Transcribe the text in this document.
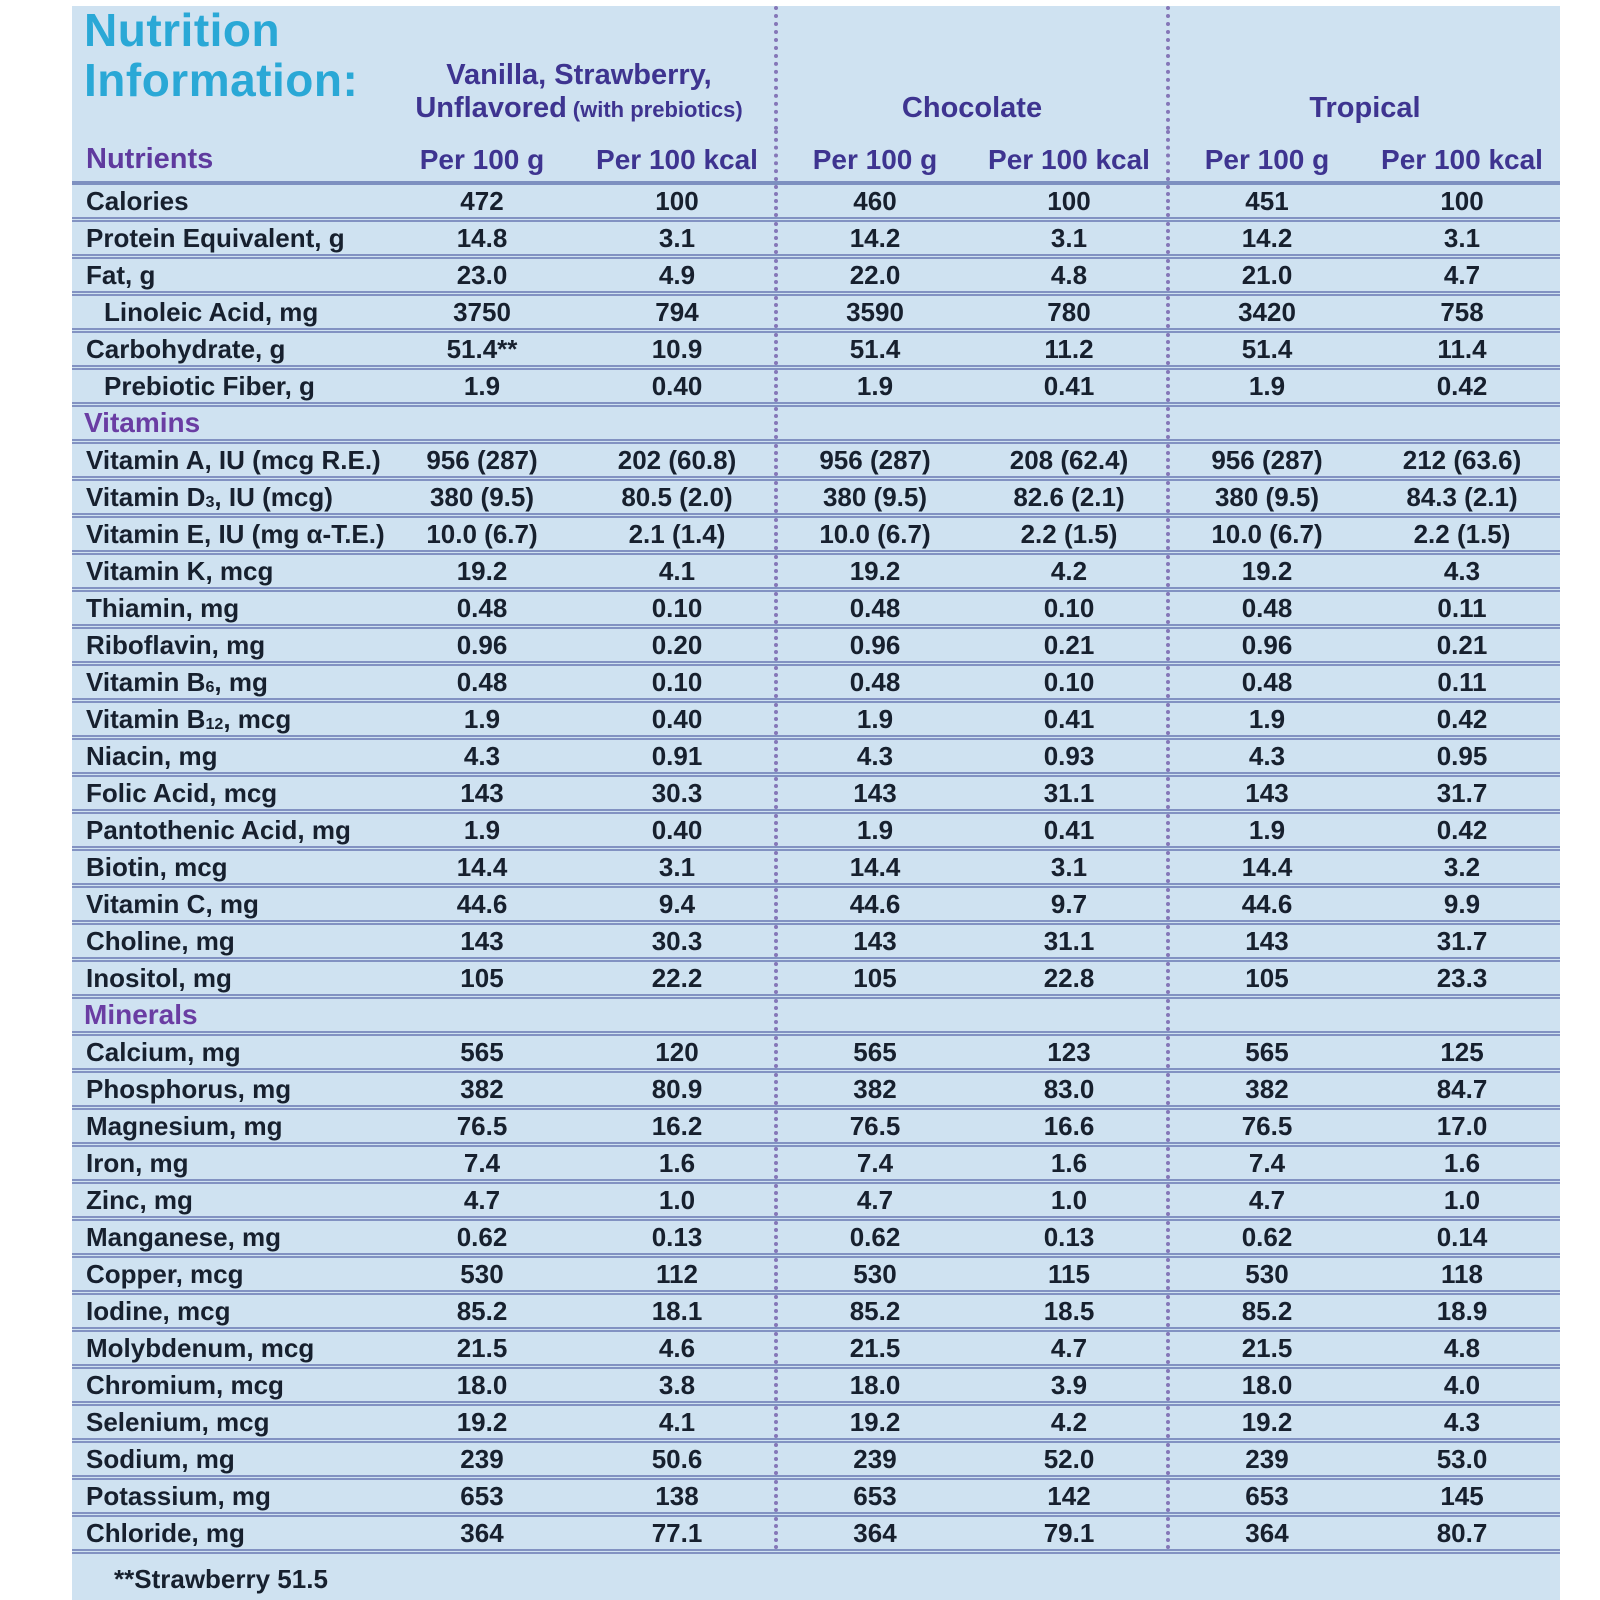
Nutrition
Information:	Vanilla, Strawberry,
Unflavored (with prebiotics)	Chocolate	Tropical

Nutrients	Per 100 g	Per 100 kcal	Per 100 g	Per 100 kcal	Per 100 g	Per 100 kcal
Calories	472	100	460	100	451	100
Protein Equivalent, g	14.8	3.1	14.2	3.1	14.2	3.1
Fat, g	23.0	4.9	22.0	4.8	21.0	4.7
Linoleic Acid, mg	3750	794	3590	780	3420	758
Carbohydrate, g	51.4**	10.9	51.4	11.2	51.4	11.4
Prebiotic Fiber, g	1.9	0.40	1.9	0.41	1.9	0.42
Vitamins						
Vitamin A, IU (mcg R.E.)	956 (287)	202 (60.8)	956 (287)	208 (62.4)	956 (287)	212 (63.6)
Vitamin $D_3$, IU (mcg)	380 (9.5)	80.5 (2.0)	380 (9.5)	82.6 (2.1)	380 (9.5)	84.3 (2.1)
Vitamin E, IU (mg α-T.E.)	10.0 (6.7)	2.1 (1.4)	10.0 (6.7)	2.2 (1.5)	10.0 (6.7)	2.2 (1.5)
Vitamin K, mcg	19.2	4.1	19.2	4.2	19.2	4.3
Thiamin, mg	0.48	0.10	0.48	0.10	0.48	0.11
Riboflavin, mg	0.96	0.20	0.96	0.21	0.96	0.21
Vitamin $B_6$, mg	0.48	0.10	0.48	0.10	0.48	0.11
Vitamin $B_{12}$, mcg	1.9	0.40	1.9	0.41	1.9	0.42
Niacin, mg	4.3	0.91	4.3	0.93	4.3	0.95
Folic Acid, mcg	143	30.3	143	31.1	143	31.7
Pantothenic Acid, mg	1.9	0.40	1.9	0.41	1.9	0.42
Biotin, mcg	14.4	3.1	14.4	3.1	14.4	3.2
Vitamin C, mg	44.6	9.4	44.6	9.7	44.6	9.9
Choline, mg	143	30.3	143	31.1	143	31.7
Inositol, mg	105	22.2	105	22.8	105	23.3
Minerals						
Calcium, mg	565	120	565	123	565	125
Phosphorus, mg	382	80.9	382	83.0	382	84.7
Magnesium, mg	76.5	16.2	76.5	16.6	76.5	17.0
Iron, mg	7.4	1.6	7.4	1.6	7.4	1.6
Zinc, mg	4.7	1.0	4.7	1.0	4.7	1.0
Manganese, mg	0.62	0.13	0.62	0.13	0.62	0.14
Copper, mcg	530	112	530	115	530	118
Iodine, mcg	85.2	18.1	85.2	18.5	85.2	18.9
Molybdenum, mcg	21.5	4.6	21.5	4.7	21.5	4.8
Chromium, mcg	18.0	3.8	18.0	3.9	18.0	4.0
Selenium, mcg	19.2	4.1	19.2	4.2	19.2	4.3
Sodium, mg	239	50.6	239	52.0	239	53.0
Potassium, mg	653	138	653	142	653	145
Chloride, mg	364	77.1	364	79.1	364	80.7
**Strawberry 51.5
